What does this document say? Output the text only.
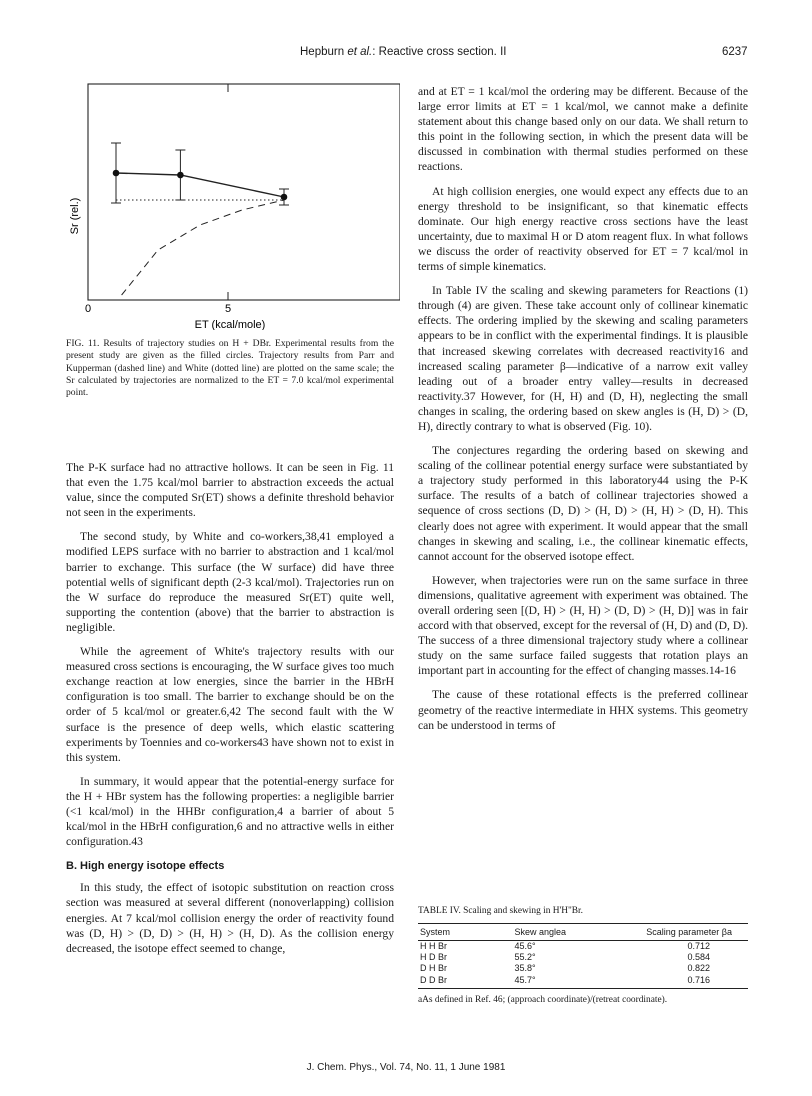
Hepburn et al.: Reactive cross section. II	6237
0	5
ET (kcal/mole)
Sr (rel.)
FIG. 11. Results of trajectory studies on H + DBr. Experimental results from the present study are given as the filled circles. Trajectory results from Parr and Kupperman (dashed line) and White (dotted line) are plotted on the same scale; the Sr calculated by trajectories are normalized to the ET = 7.0 kcal/mol experimental point.

The P-K surface had no attractive hollows. It can be seen in Fig. 11 that even the 1.75 kcal/mol barrier to abstraction exceeds the actual value, since the computed Sr(ET) shows a definite threshold behavior not seen in the experiments.

The second study, by White and co-workers,38,41 employed a modified LEPS surface with no barrier to abstraction and 1 kcal/mol barrier to exchange. This surface (the W surface) did have three potential wells of significant depth (2-3 kcal/mol). Trajectories run on the W surface do reproduce the measured Sr(ET) quite well, supporting the contention (above) that the barrier to abstraction is negligible.

While the agreement of White's trajectory results with our measured cross sections is encouraging, the W surface gives too much exchange reaction at low energies, since the barrier in the HBrH configuration is too small. The barrier to exchange should be on the order of 5 kcal/mol or greater.6,42 The second fault with the W surface is the presence of deep wells, which elastic scattering experiments by Toennies and co-workers43 have shown not to exist in this system.

In summary, it would appear that the potential-energy surface for the H + HBr system has the following properties: a negligible barrier (<1 kcal/mol) in the HHBr configuration,4 a barrier of about 5 kcal/mol in the HBrH configuration,6 and no attractive wells in either configuration.43

B. High energy isotope effects

In this study, the effect of isotopic substitution on reaction cross section was measured at several different (nonoverlapping) collision energies. At 7 kcal/mol collision energy the order of reactivity found was (D, H) > (D, D) > (H, H) > (H, D). As the collision energy decreased, the isotope effect seemed to change,

and at ET = 1 kcal/mol the ordering may be different. Because of the large error limits at ET = 1 kcal/mol, we cannot make a definite statement about this change based only on our data. We shall return to this point in the following section, in which the present data will be discussed in combination with thermal studies performed on these reactions.

At high collision energies, one would expect any effects due to an energy threshold to be insignificant, so that kinematic effects dominate. Our high energy reactive cross sections have the least uncertainty, due to maximal H or D atom reagent flux. In what follows we discuss the order of reactivity observed for ET = 7 kcal/mol in terms of simple kinematics.

In Table IV the scaling and skewing parameters for Reactions (1) through (4) are given. These take account only of collinear kinematic effects. The ordering implied by the skewing and scaling parameters appears to be in conflict with the experimental findings. It is plausible that increased skewing correlates with decreased reactivity16 and increased scaling parameter β—indicative of a narrow exit valley leading out of a broader entry valley—results in decreased reactivity.37 However, for (H, H) and (D, H), neglecting the small changes in scaling, the ordering based on skew angles is (H, D) > (D, H), directly contrary to what is observed (Fig. 10).

The conjectures regarding the ordering based on skewing and scaling of the collinear potential energy surface were substantiated by a trajectory study performed in this laboratory44 using the P-K surface. The results of a batch of collinear trajectories showed a sequence of cross sections (D, D) > (H, D) > (H, H) > (D, H). This clearly does not agree with experiment. It would appear that the small changes in skewing and scaling, i.e., the collinear kinematic effects, cannot account for the observed isotope effect.

However, when trajectories were run on the same surface in three dimensions, qualitative agreement with experiment was obtained. The overall ordering seen [(D, H) > (H, H) > (D, D) > (H, D)] was in fair accord with that observed, except for the reversal of (H, D) and (D, D). The success of a three dimensional trajectory study where a collinear study on the same surface failed suggests that rotation plays an important part in accounting for the effect of changing masses.14-16

The cause of these rotational effects is the preferred collinear geometry of the reactive intermediate in HHX systems. This geometry can be understood in terms of

TABLE IV. Scaling and skewing in H'H"Br.
System	Skew anglea	Scaling parameter βa
H H Br	45.6°	0.712
H D Br	55.2°	0.584
D H Br	35.8°	0.822
D D Br	45.7°	0.716
aAs defined in Ref. 46; (approach coordinate)/(retreat coordinate).
J. Chem. Phys., Vol. 74, No. 11, 1 June 1981
